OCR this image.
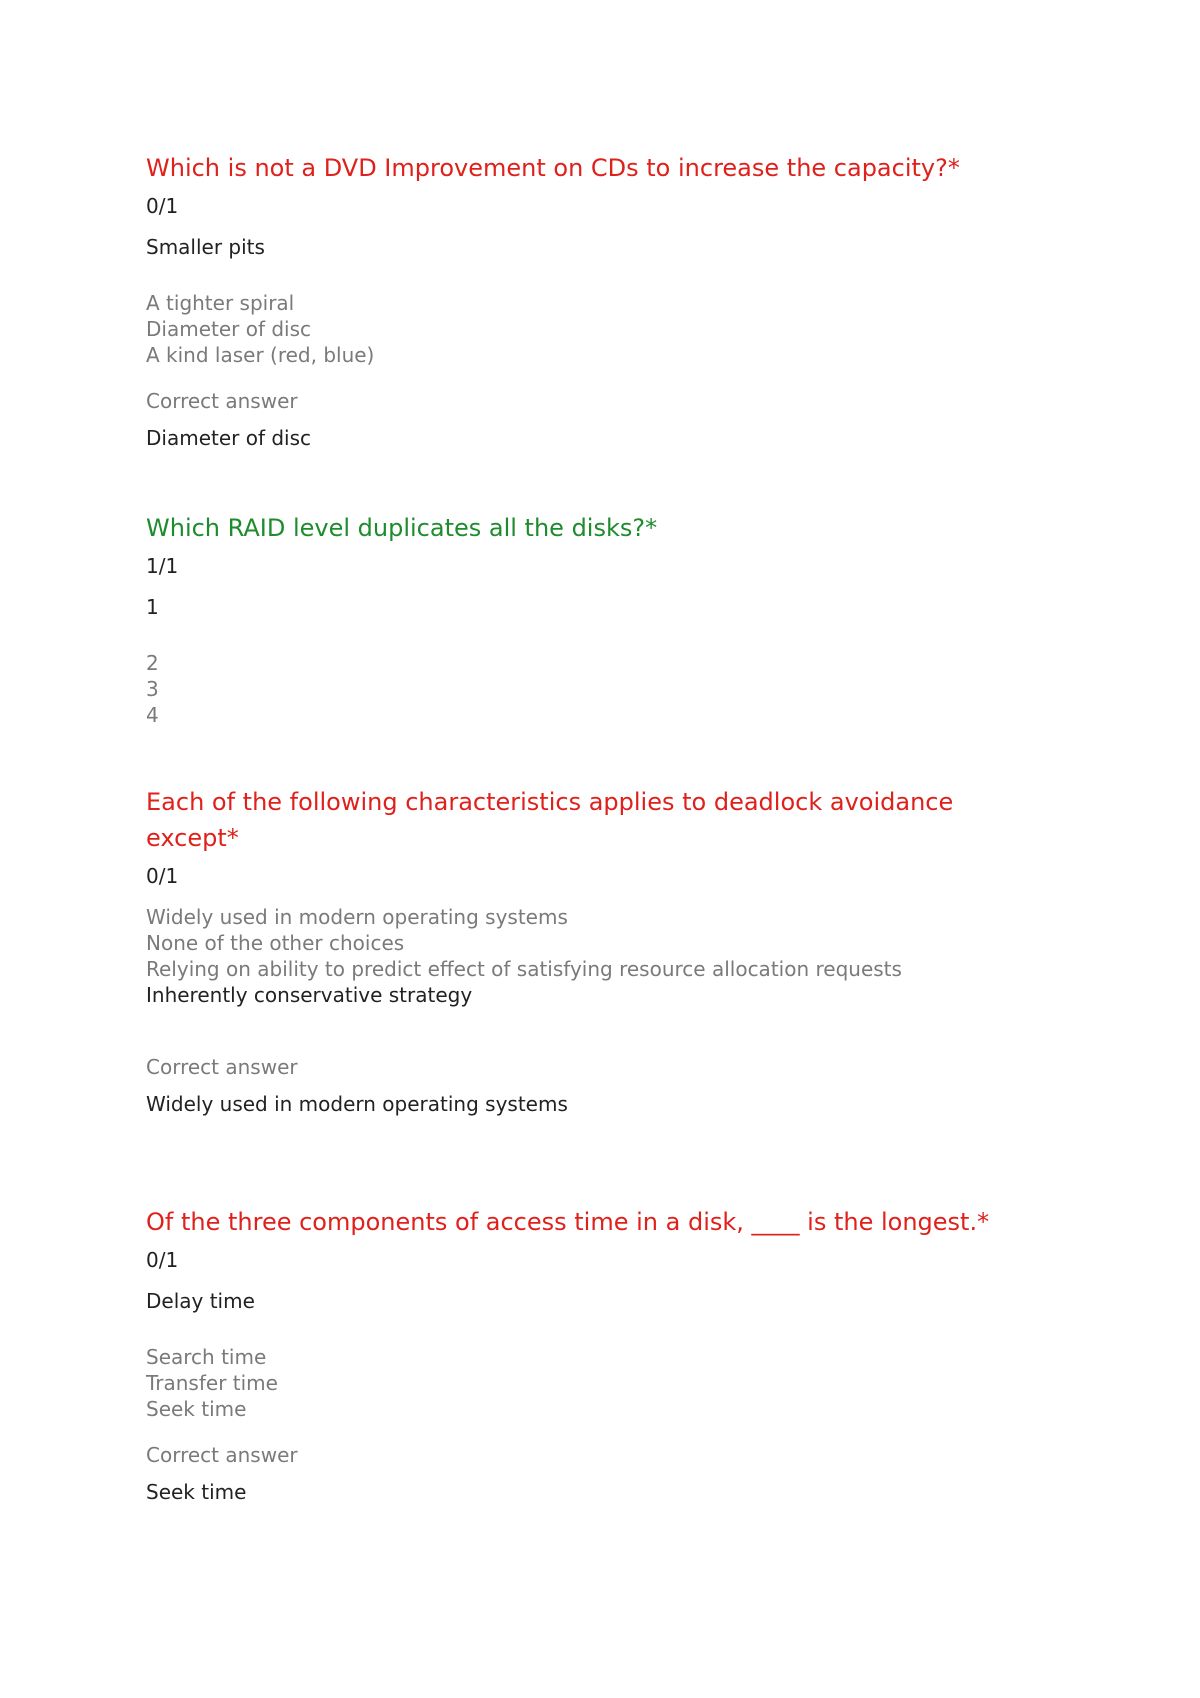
Which is not a DVD Improvement on CDs to increase the capacity?*
0/1
Smaller pits
A tighter spiral
Diameter of disc
A kind laser (red, blue)
Correct answer
Diameter of disc
Which RAID level duplicates all the disks?*
1/1
1
2
3
4
Each of the following characteristics applies to deadlock avoidance except*
0/1
Widely used in modern operating systems
None of the other choices
Relying on ability to predict effect of satisfying resource allocation requests
Inherently conservative strategy
Correct answer
Widely used in modern operating systems
Of the three components of access time in a disk, ____ is the longest.*
0/1
Delay time
Search time
Transfer time
Seek time
Correct answer
Seek time
